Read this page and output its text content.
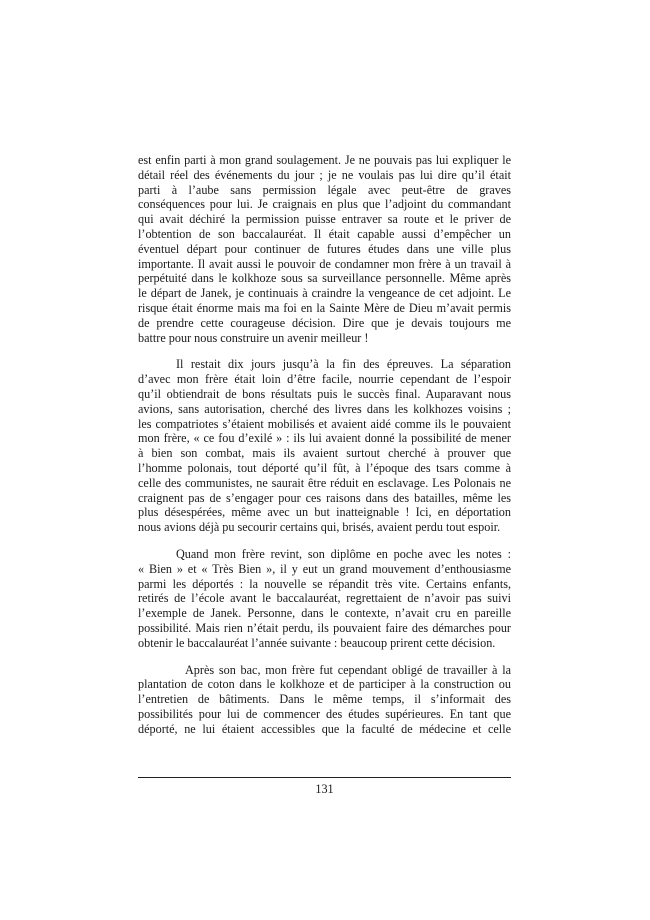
est enfin parti à mon grand soulagement. Je ne pouvais pas lui expliquer le
détail réel des événements du jour ; je ne voulais pas lui dire qu’il était
parti à l’aube sans permission légale avec peut-être de graves
conséquences pour lui. Je craignais en plus que l’adjoint du commandant
qui avait déchiré la permission puisse entraver sa route et le priver de
l’obtention de son baccalauréat. Il était capable aussi d’empêcher un
éventuel départ pour continuer de futures études dans une ville plus
importante. Il avait aussi le pouvoir de condamner mon frère à un travail à
perpétuité dans le kolkhoze sous sa surveillance personnelle. Même après
le départ de Janek, je continuais à craindre la vengeance de cet adjoint. Le
risque était énorme mais ma foi en la Sainte Mère de Dieu m’avait permis
de prendre cette courageuse décision. Dire que je devais toujours me
battre pour nous construire un avenir meilleur !
Il restait dix jours jusqu’à la fin des épreuves. La séparation
d’avec mon frère était loin d’être facile, nourrie cependant de l’espoir
qu’il obtiendrait de bons résultats puis le succès final. Auparavant nous
avions, sans autorisation, cherché des livres dans les kolkhozes voisins ;
les compatriotes s’étaient mobilisés et avaient aidé comme ils le pouvaient
mon frère, « ce fou d’exilé » : ils lui avaient donné la possibilité de mener
à bien son combat, mais ils avaient surtout cherché à prouver que
l’homme polonais, tout déporté qu’il fût, à l’époque des tsars comme à
celle des communistes, ne saurait être réduit en esclavage. Les Polonais ne
craignent pas de s’engager pour ces raisons dans des batailles, même les
plus désespérées, même avec un but inatteignable ! Ici, en déportation
nous avions déjà pu secourir certains qui, brisés, avaient perdu tout espoir.
Quand mon frère revint, son diplôme en poche avec les notes :
« Bien » et « Très Bien », il y eut un grand mouvement d’enthousiasme
parmi les déportés : la nouvelle se répandit très vite. Certains enfants,
retirés de l’école avant le baccalauréat, regrettaient de n’avoir pas suivi
l’exemple de Janek. Personne, dans le contexte, n’avait cru en pareille
possibilité. Mais rien n’était perdu, ils pouvaient faire des démarches pour
obtenir le baccalauréat l’année suivante : beaucoup prirent cette décision.
Après son bac, mon frère fut cependant obligé de travailler à la
plantation de coton dans le kolkhoze et de participer à la construction ou
l’entretien de bâtiments. Dans le même temps, il s’informait des
possibilités pour lui de commencer des études supérieures. En tant que
déporté, ne lui étaient accessibles que la faculté de médecine et celle
131
